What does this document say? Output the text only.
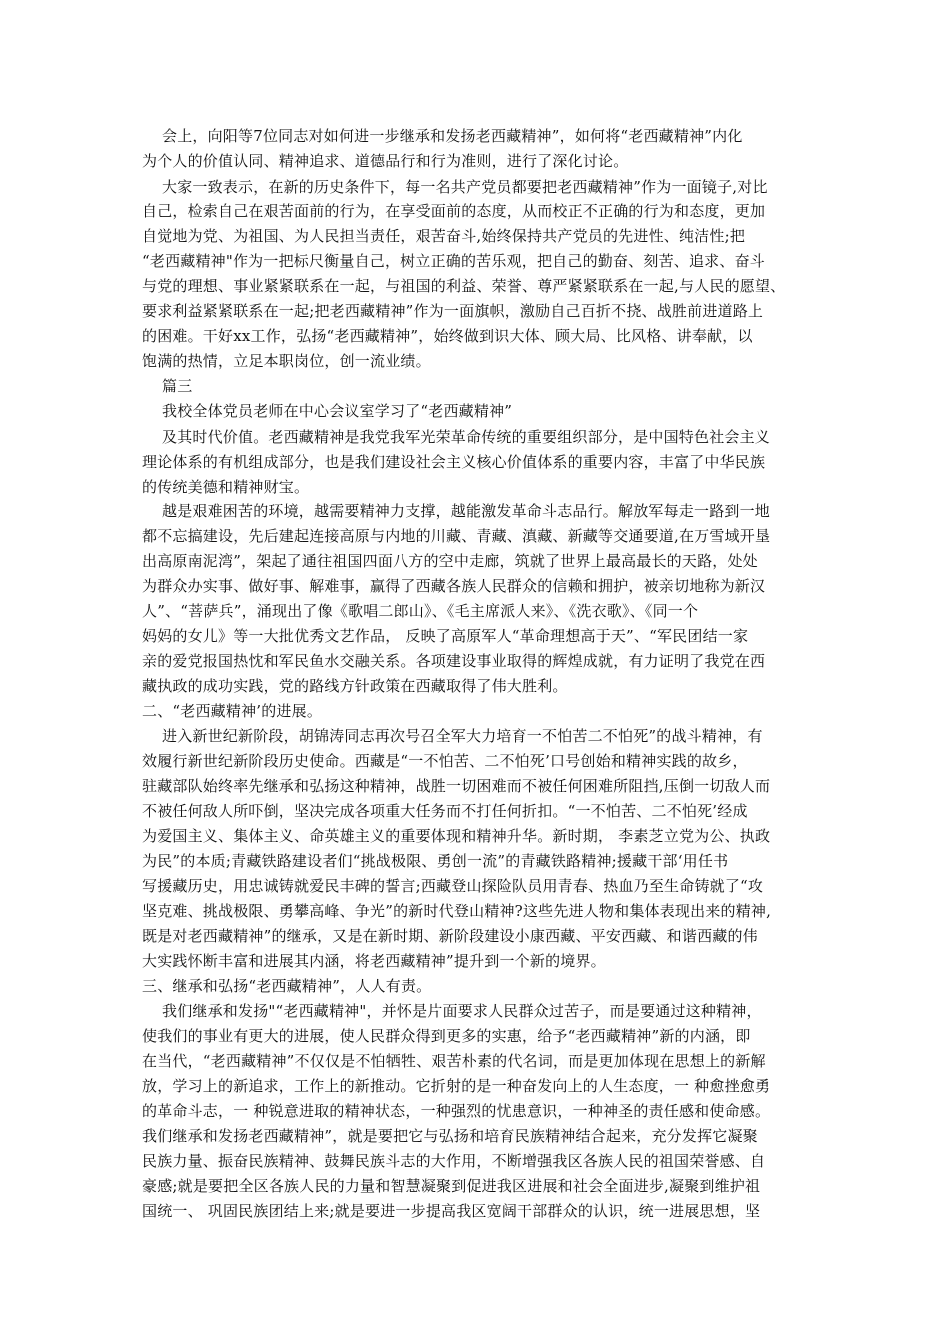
会上，向阳等7位同志对如何进一步继承和发扬老西藏精神”，如何将“老西藏精神”内化
为个人的价值认同、精神追求、道德品行和行为准则，进行了深化讨论。
大家一致表示，在新的历史条件下，每一名共产党员都要把老西藏精神”作为一面镜子,对比
自己，检索自己在艰苦面前的行为，在享受面前的态度，从而校正不正确的行为和态度，更加
自觉地为党、为祖国、为人民担当责任，艰苦奋斗,始终保持共产党员的先进性、纯洁性;把
“老西藏精神"作为一把标尺衡量自己，树立正确的苦乐观，把自己的勤奋、刻苦、追求、奋斗
与党的理想、事业紧紧联系在一起，与祖国的利益、荣誉、尊严紧紧联系在一起,与人民的愿望、
要求利益紧紧联系在一起;把老西藏精神”作为一面旗帜，激励自己百折不挠、战胜前进道路上
的困难。干好xx工作，弘扬“老西藏精神”，始终做到识大体、顾大局、比风格、讲奉献，以
饱满的热情，立足本职岗位，创一流业绩。
篇三
我校全体党员老师在中心会议室学习了“老西藏精神”
及其时代价值。老西藏精神是我党我军光荣革命传统的重要组织部分，是中国特色社会主义
理论体系的有机组成部分，也是我们建设社会主义核心价值体系的重要内容，丰富了中华民族
的传统美德和精神财宝。
越是艰难困苦的环境，越需要精神力支撑，越能激发革命斗志品行。解放军每走一路到一地
都不忘搞建设，先后建起连接高原与内地的川藏、青藏、滇藏、新藏等交通要道,在万雪域开垦
出高原南泥湾”，架起了通往祖国四面八方的空中走廊，筑就了世界上最高最长的天路，处处
为群众办实事、做好事、解难事，赢得了西藏各族人民群众的信赖和拥护，被亲切地称为新汉
人”、“菩萨兵”，涌现出了像《歌唱二郎山》、《毛主席派人来》、《洗衣歌》、《同一个
妈妈的女儿》等一大批优秀文艺作品， 反映了高原军人“革命理想高于天”、“军民团结一家
亲的爱党报国热忱和军民鱼水交融关系。各项建设事业取得的辉煌成就，有力证明了我党在西
藏执政的成功实践，党的路线方针政策在西藏取得了伟大胜利。
二、“老西藏精神’的进展。
进入新世纪新阶段，胡锦涛同志再次号召全军大力培育一不怕苦二不怕死”的战斗精神，有
效履行新世纪新阶段历史使命。西藏是“一不怕苦、二不怕死’口号创始和精神实践的故乡，
驻藏部队始终率先继承和弘扬这种精神，战胜一切困难而不被任何困难所阻挡,压倒一切敌人而
不被任何敌人所吓倒，坚决完成各项重大任务而不打任何折扣。“一不怕苦、二不怕死’经成
为爱国主义、集体主义、命英雄主义的重要体现和精神升华。新时期， 李素芝立党为公、执政
为民”的本质;青藏铁路建设者们“挑战极限、勇创一流”的青藏铁路精神;援藏干部‘用任书
写援藏历史，用忠诚铸就爱民丰碑的誓言;西藏登山探险队员用青春、热血乃至生命铸就了“攻
坚克难、挑战极限、勇攀高峰、争光”的新时代登山精神?这些先进人物和集体表现出来的精神,
既是对老西藏精神”的继承，又是在新时期、新阶段建设小康西藏、平安西藏、和谐西藏的伟
大实践怀断丰富和进展其内涵，将老西藏精神”提升到一个新的境界。
三、继承和弘扬“老西藏精神”，人人有责。
我们继承和发扬"“老西藏精神"，并怀是片面要求人民群众过苦子，而是要通过这种精神，
使我们的事业有更大的进展，使人民群众得到更多的实惠，给予“老西藏精神”新的内涵，即
在当代，“老西藏精神”不仅仅是不怕牺牲、艰苦朴素的代名词，而是更加体现在思想上的新解
放，学习上的新追求，工作上的新推动。它折射的是一种奋发向上的人生态度，一 种愈挫愈勇
的革命斗志，一 种锐意进取的精神状态，一种强烈的忧患意识，一种神圣的责任感和使命感。
我们继承和发扬老西藏精神”，就是要把它与弘扬和培育民族精神结合起来，充分发挥它凝聚
民族力量、振奋民族精神、鼓舞民族斗志的大作用，不断增强我区各族人民的祖国荣誉感、自
豪感;就是要把全区各族人民的力量和智慧凝聚到促进我区进展和社会全面进步,凝聚到维护祖
国统一、 巩固民族团结上来;就是要进一步提高我区宽阔干部群众的认识，统一进展思想，坚
